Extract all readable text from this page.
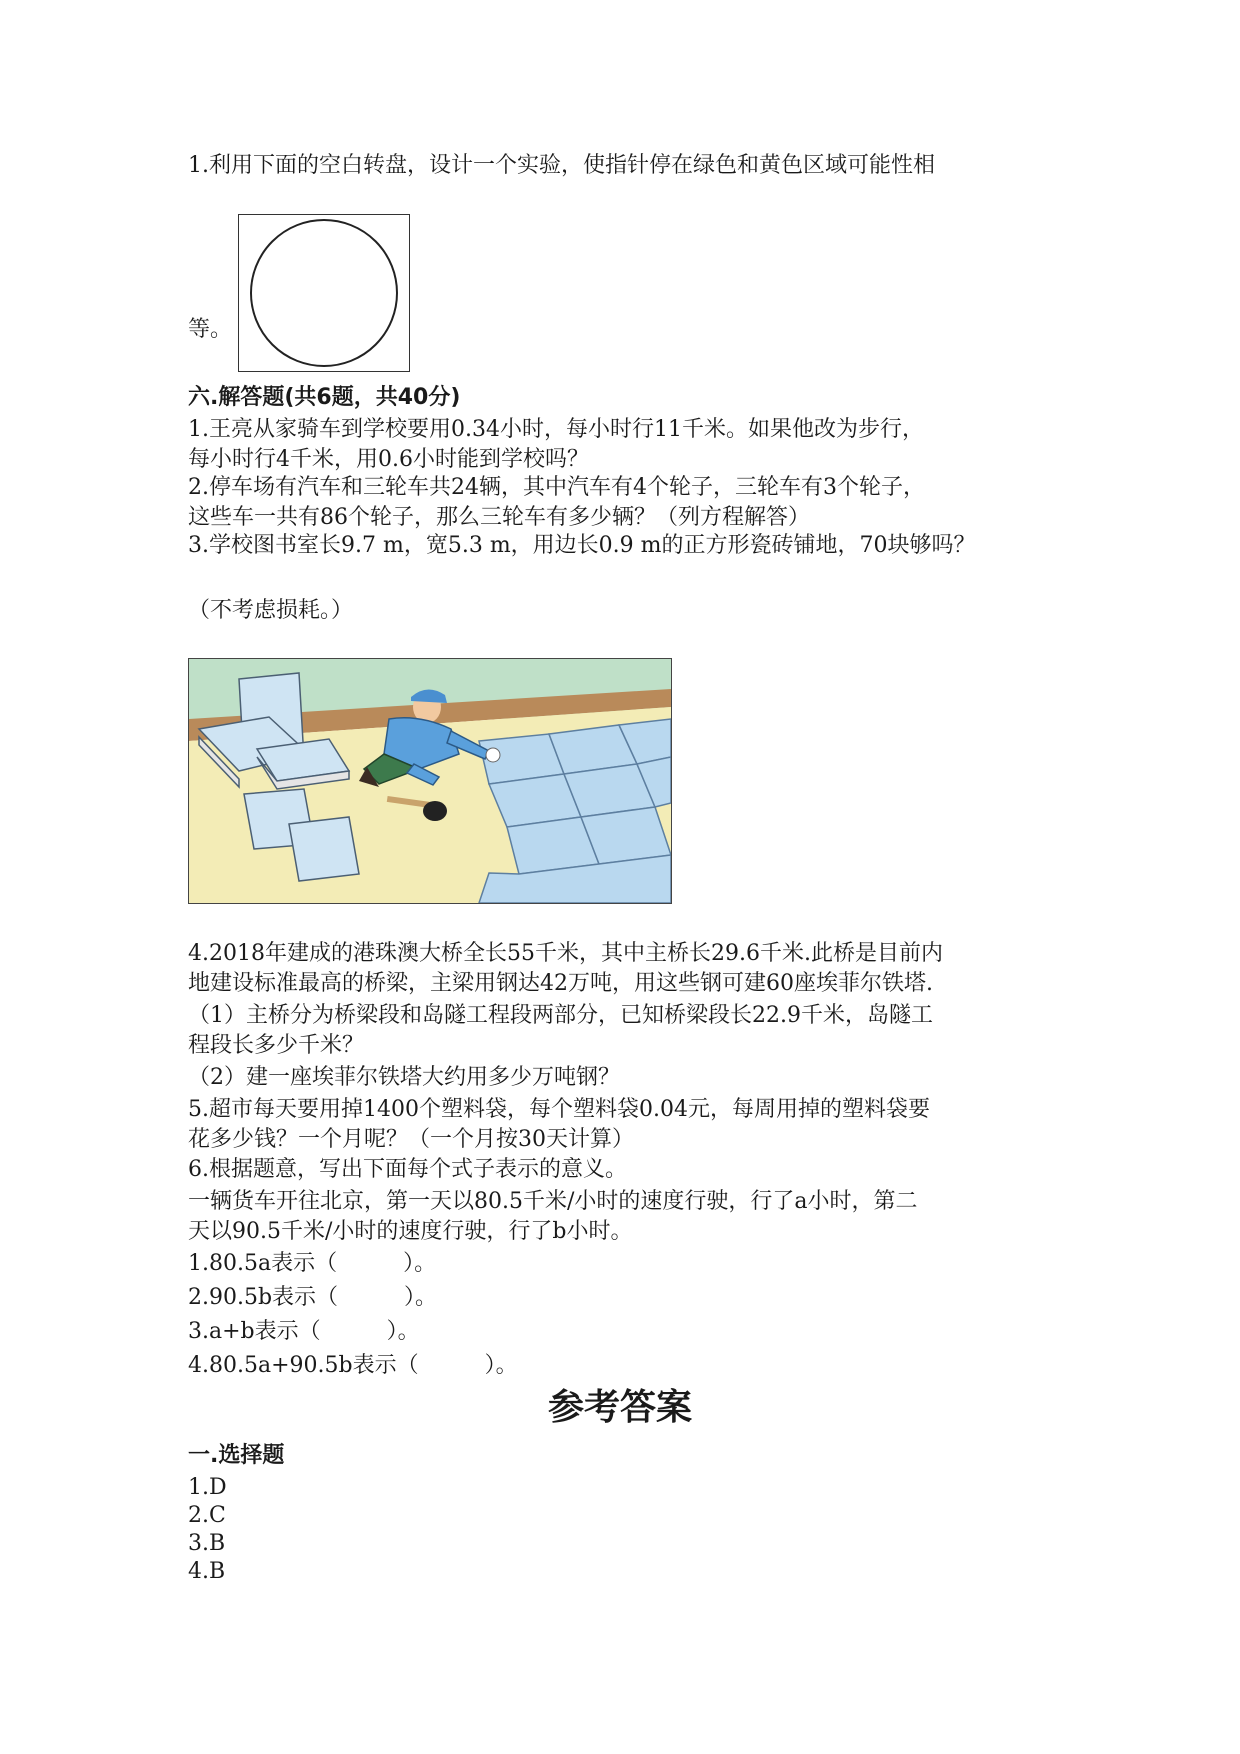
1.利用下面的空白转盘，设计一个实验，使指针停在绿色和黄色区域可能性相
等。
六.解答题(共6题，共40分)
1.王亮从家骑车到学校要用0.34小时，每小时行11千米。如果他改为步行，
每小时行4千米，用0.6小时能到学校吗？
2.停车场有汽车和三轮车共24辆，其中汽车有4个轮子，三轮车有3个轮子，
这些车一共有86个轮子，那么三轮车有多少辆？（列方程解答）
3.学校图书室长9.7 m，宽5.3 m，用边长0.9 m的正方形瓷砖铺地，70块够吗？
（不考虑损耗。）
4.2018年建成的港珠澳大桥全长55千米，其中主桥长29.6千米.此桥是目前内
地建设标准最高的桥梁，主梁用钢达42万吨，用这些钢可建60座埃菲尔铁塔.
（1）主桥分为桥梁段和岛隧工程段两部分，已知桥梁段长22.9千米，岛隧工
程段长多少千米？
（2）建一座埃菲尔铁塔大约用多少万吨钢？
5.超市每天要用掉1400个塑料袋，每个塑料袋0.04元，每周用掉的塑料袋要
花多少钱？一个月呢？（一个月按30天计算）
6.根据题意，写出下面每个式子表示的意义。
一辆货车开往北京，第一天以80.5千米/小时的速度行驶，行了a小时，第二
天以90.5千米/小时的速度行驶，行了b小时。
1.80.5a表示（　　　）。
2.90.5b表示（　　　）。
3.a+b表示（　　　）。
4.80.5a+90.5b表示（　　　）。
参考答案
一.选择题
1.D
2.C
3.B
4.B
